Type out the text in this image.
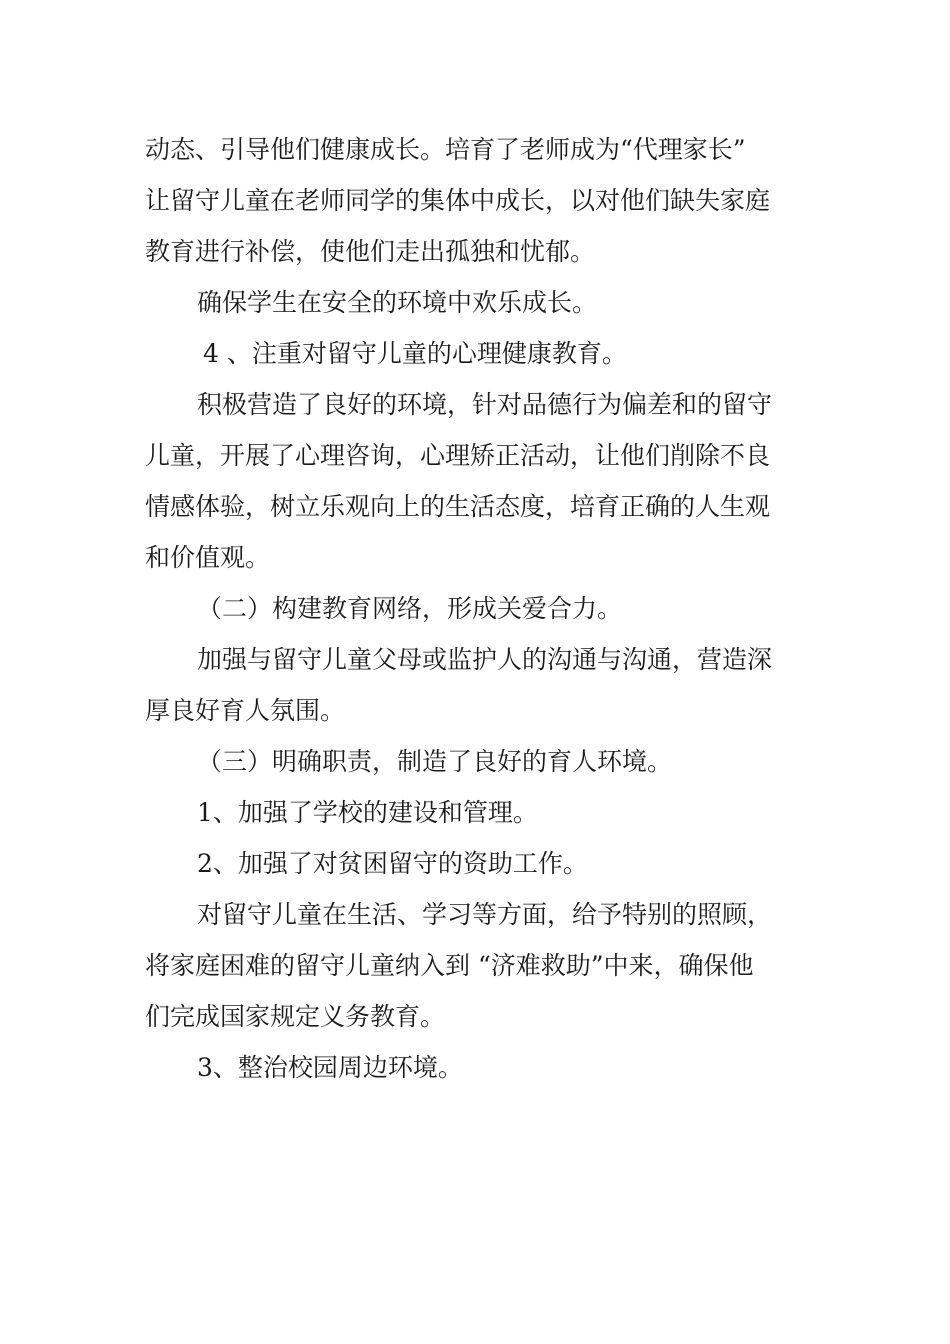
动态、引导他们健康成长。培育了老师成为“代理家长”

让留守儿童在老师同学的集体中成长，以对他们缺失家庭

教育进行补偿，使他们走出孤独和忧郁。

确保学生在安全的环境中欢乐成长。

4 、注重对留守儿童的心理健康教育。

积极营造了良好的环境，针对品德行为偏差和的留守

儿童，开展了心理咨询，心理矫正活动，让他们削除不良

情感体验，树立乐观向上的生活态度，培育正确的人生观

和价值观。

（二）构建教育网络，形成关爱合力。

加强与留守儿童父母或监护人的沟通与沟通，营造深

厚良好育人氛围。

（三）明确职责，制造了良好的育人环境。

1、加强了学校的建设和管理。

2、加强了对贫困留守的资助工作。

对留守儿童在生活、学习等方面，给予特别的照顾，

将家庭困难的留守儿童纳入到 “济难救助”中来，确保他

们完成国家规定义务教育。

3、整治校园周边环境。
